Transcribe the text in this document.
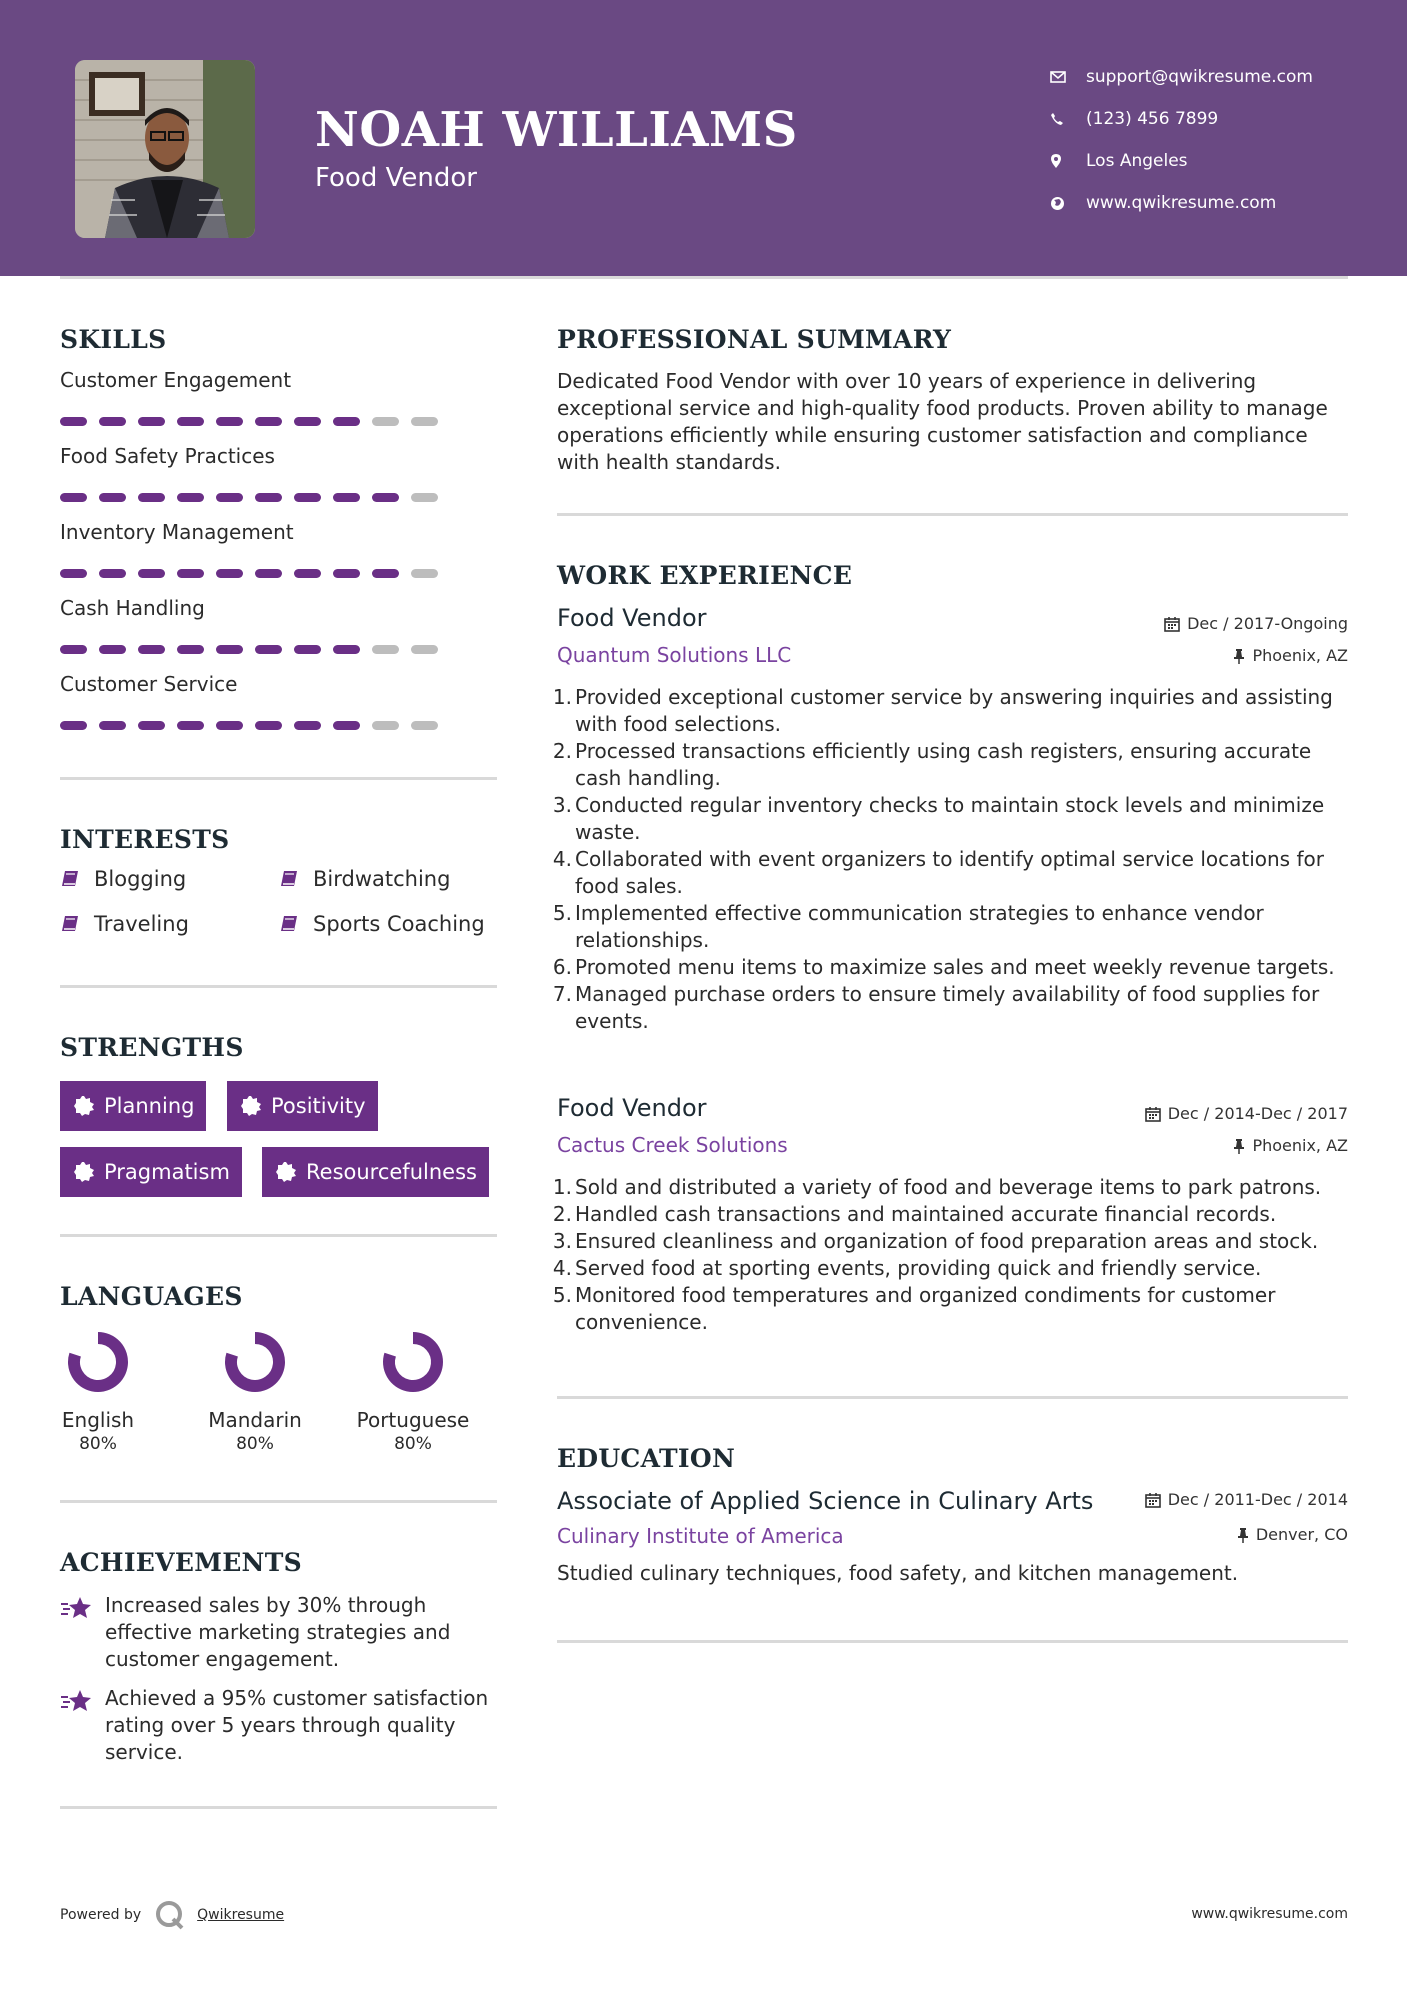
NOAH WILLIAMS
Food Vendor
support@qwikresume.com
(123) 456 7899
Los Angeles
www.qwikresume.com
SKILLS
Customer Engagement
Food Safety Practices
Inventory Management
Cash Handling
Customer Service
INTERESTS
Blogging	Birdwatching
Traveling	Sports Coaching
STRENGTHS
Planning	Positivity
Pragmatism	Resourcefulness
LANGUAGES
English
80%
Mandarin
80%
Portuguese
80%
ACHIEVEMENTS
Increased sales by 30% through effective marketing strategies and customer engagement.
Achieved a 95% customer satisfaction rating over 5 years through quality service.
PROFESSIONAL SUMMARY
Dedicated Food Vendor with over 10 years of experience in delivering exceptional service and high-quality food products. Proven ability to manage operations efficiently while ensuring customer satisfaction and compliance with health standards.
WORK EXPERIENCE
Food Vendor	Dec / 2017-Ongoing
Quantum Solutions LLC	Phoenix, AZ
1. Provided exceptional customer service by answering inquiries and assisting with food selections.
2. Processed transactions efficiently using cash registers, ensuring accurate cash handling.
3. Conducted regular inventory checks to maintain stock levels and minimize waste.
4. Collaborated with event organizers to identify optimal service locations for food sales.
5. Implemented effective communication strategies to enhance vendor relationships.
6. Promoted menu items to maximize sales and meet weekly revenue targets.
7. Managed purchase orders to ensure timely availability of food supplies for events.
Food Vendor	Dec / 2014-Dec / 2017
Cactus Creek Solutions	Phoenix, AZ
1. Sold and distributed a variety of food and beverage items to park patrons.
2. Handled cash transactions and maintained accurate financial records.
3. Ensured cleanliness and organization of food preparation areas and stock.
4. Served food at sporting events, providing quick and friendly service.
5. Monitored food temperatures and organized condiments for customer convenience.
EDUCATION
Associate of Applied Science in Culinary Arts	Dec / 2011-Dec / 2014
Culinary Institute of America	Denver, CO
Studied culinary techniques, food safety, and kitchen management.
Powered by	Qwikresume	www.qwikresume.com
